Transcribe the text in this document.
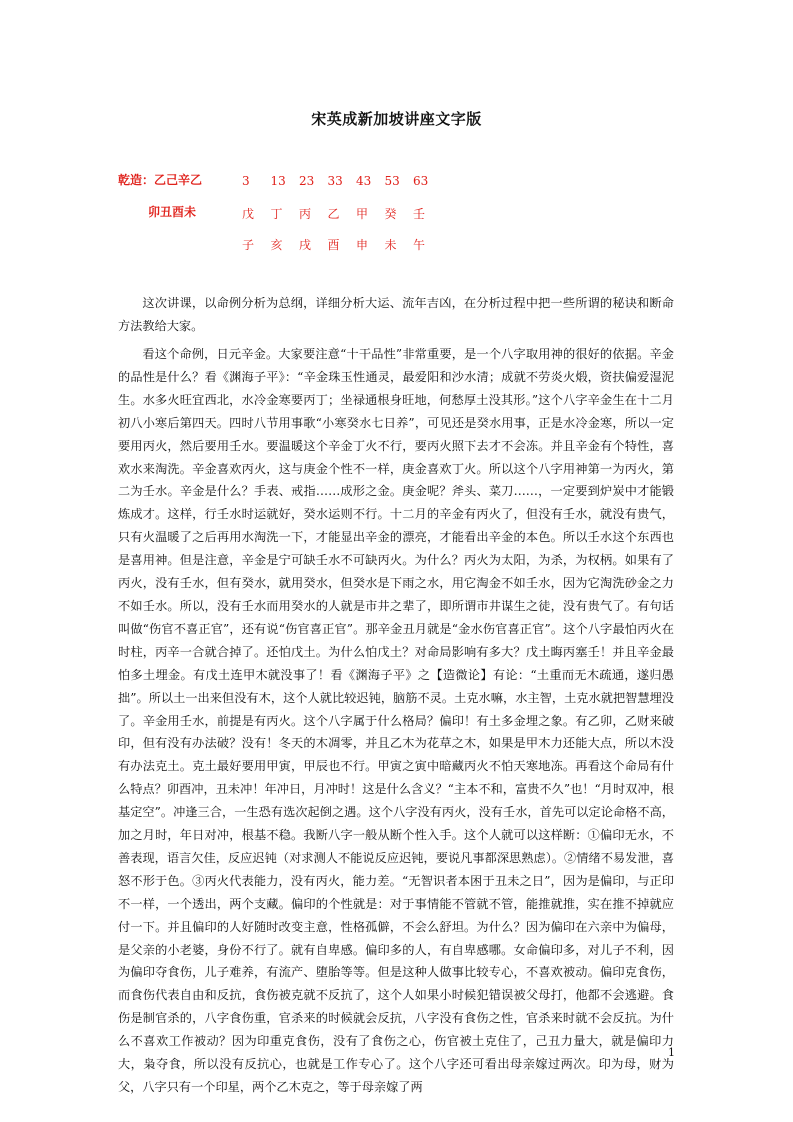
宋英成新加坡讲座文字版
乾造：乙己辛乙
卯丑酉未
3 13 23 33 43 53 63
戊 丁 丙 乙 甲 癸 壬
子 亥 戌 酉 申 未 午

这次讲课，以命例分析为总纲，详细分析大运、流年吉凶，在分析过程中把一些所谓的秘诀和断命方法教给大家。

看这个命例，日元辛金。大家要注意“十干品性”非常重要，是一个八字取用神的很好的依据。辛金的品性是什么？看《渊海子平》：“辛金珠玉性通灵，最爱阳和沙水清；成就不劳炎火煅，资扶偏爱湿泥生。水多火旺宜西北，水冷金寒要丙丁；坐禄通根身旺地，何愁厚土没其形。”这个八字辛金生在十二月初八小寒后第四天。四时八节用事歌“小寒癸水七日养”，可见还是癸水用事，正是水冷金寒，所以一定要用丙火，然后要用壬水。要温暖这个辛金丁火不行，要丙火照下去才不会冻。并且辛金有个特性，喜欢水来淘洗。辛金喜欢丙火，这与庚金个性不一样，庚金喜欢丁火。所以这个八字用神第一为丙火，第二为壬水。辛金是什么？手表、戒指……成形之金。庚金呢？斧头、菜刀……，一定要到炉炭中才能锻炼成才。这样，行壬水时运就好，癸水运则不行。十二月的辛金有丙火了，但没有壬水，就没有贵气，只有火温暖了之后再用水淘洗一下，才能显出辛金的漂亮，才能看出辛金的本色。所以壬水这个东西也是喜用神。但是注意，辛金是宁可缺壬水不可缺丙火。为什么？丙火为太阳，为杀，为权柄。如果有了丙火，没有壬水，但有癸水，就用癸水，但癸水是下雨之水，用它淘金不如壬水，因为它淘洗砂金之力不如壬水。所以，没有壬水而用癸水的人就是市井之辈了，即所谓市井谋生之徒，没有贵气了。有句话叫做“伤官不喜正官”，还有说“伤官喜正官”。那辛金丑月就是“金水伤官喜正官”。这个八字最怕丙火在时柱，丙辛一合就合掉了。还怕戊土。为什么怕戊土？对命局影响有多大？戊土晦丙塞壬！并且辛金最怕多土埋金。有戊土连甲木就没事了！看《渊海子平》之【造微论】有论：“土重而无木疏通，遂归愚拙”。所以土一出来但没有木，这个人就比较迟钝，脑筋不灵。土克水嘛，水主智，土克水就把智慧埋没了。辛金用壬水，前提是有丙火。这个八字属于什么格局？偏印！有土多金埋之象。有乙卯，乙财来破印，但有没有办法破？没有！冬天的木凋零，并且乙木为花草之木，如果是甲木力还能大点，所以木没有办法克土。克土最好要用甲寅，甲辰也不行。甲寅之寅中暗藏丙火不怕天寒地冻。再看这个命局有什么特点？卯酉冲，丑未冲！年冲日，月冲时！这是什么含义？“主本不和，富贵不久”也！“月时双冲，根基定空”。冲逢三合，一生恐有选次起倒之遇。这个八字没有丙火，没有壬水，首先可以定论命格不高，加之月时，年日对冲，根基不稳。我断八字一般从断个性入手。这个人就可以这样断：①偏印无水，不善表现，语言欠佳，反应迟钝（对求测人不能说反应迟钝，要说凡事都深思熟虑）。②情绪不易发泄，喜怒不形于色。③丙火代表能力，没有丙火，能力差。“无智识者本困于丑未之日”，因为是偏印，与正印不一样，一个透出，两个支藏。偏印的个性就是：对于事情能不管就不管，能推就推，实在推不掉就应付一下。并且偏印的人好随时改变主意，性格孤僻，不会么舒坦。为什么？因为偏印在六亲中为偏母，是父亲的小老婆，身份不行了。就有自卑感。偏印多的人，有自卑感哪。女命偏印多，对儿子不利，因为偏印夺食伤，儿子难养，有流产、堕胎等等。但是这种人做事比较专心，不喜欢被动。偏印克食伤，而食伤代表自由和反抗，食伤被克就不反抗了，这个人如果小时候犯错误被父母打，他都不会逃避。食伤是制官杀的，八字食伤重，官杀来的时候就会反抗，八字没有食伤之性，官杀来时就不会反抗。为什么不喜欢工作被动？因为印重克食伤，没有了食伤之心，伤官被土克住了，己丑力量大，就是偏印力大，枭夺食，所以没有反抗心，也就是工作专心了。这个八字还可看出母亲嫁过两次。印为母，财为父，八字只有一个印星，两个乙木克之，等于母亲嫁了两

1
